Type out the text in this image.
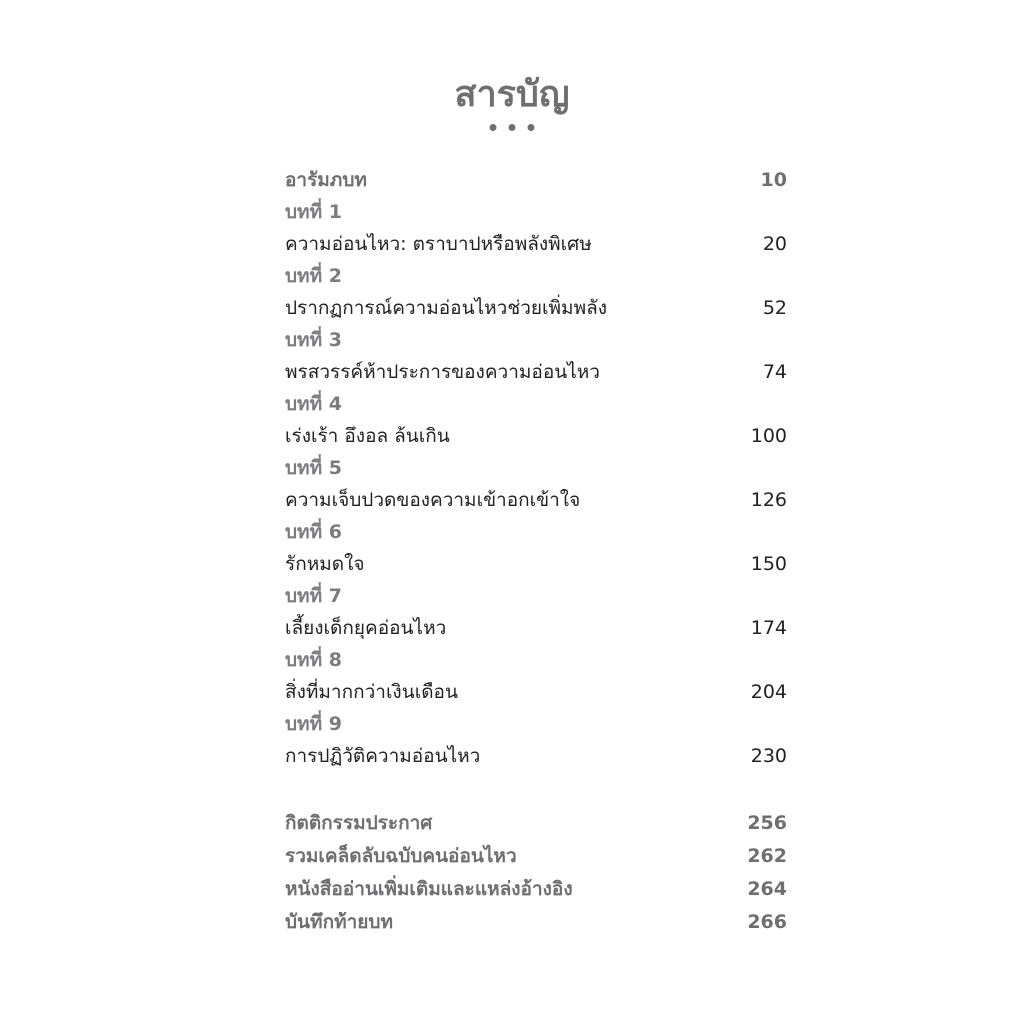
สารบัญ
อารัมภบท	10
บทที่ 1
ความอ่อนไหว: ตราบาปหรือพลังพิเศษ	20
บทที่ 2
ปรากฏการณ์ความอ่อนไหวช่วยเพิ่มพลัง	52
บทที่ 3
พรสวรรค์ห้าประการของความอ่อนไหว	74
บทที่ 4
เร่งเร้า อึงอล ล้นเกิน	100
บทที่ 5
ความเจ็บปวดของความเข้าอกเข้าใจ	126
บทที่ 6
รักหมดใจ	150
บทที่ 7
เลี้ยงเด็กยุคอ่อนไหว	174
บทที่ 8
สิ่งที่มากกว่าเงินเดือน	204
บทที่ 9
การปฏิวัติความอ่อนไหว	230
กิตติกรรมประกาศ	256
รวมเคล็ดลับฉบับคนอ่อนไหว	262
หนังสืออ่านเพิ่มเติมและแหล่งอ้างอิง	264
บันทึกท้ายบท	266
